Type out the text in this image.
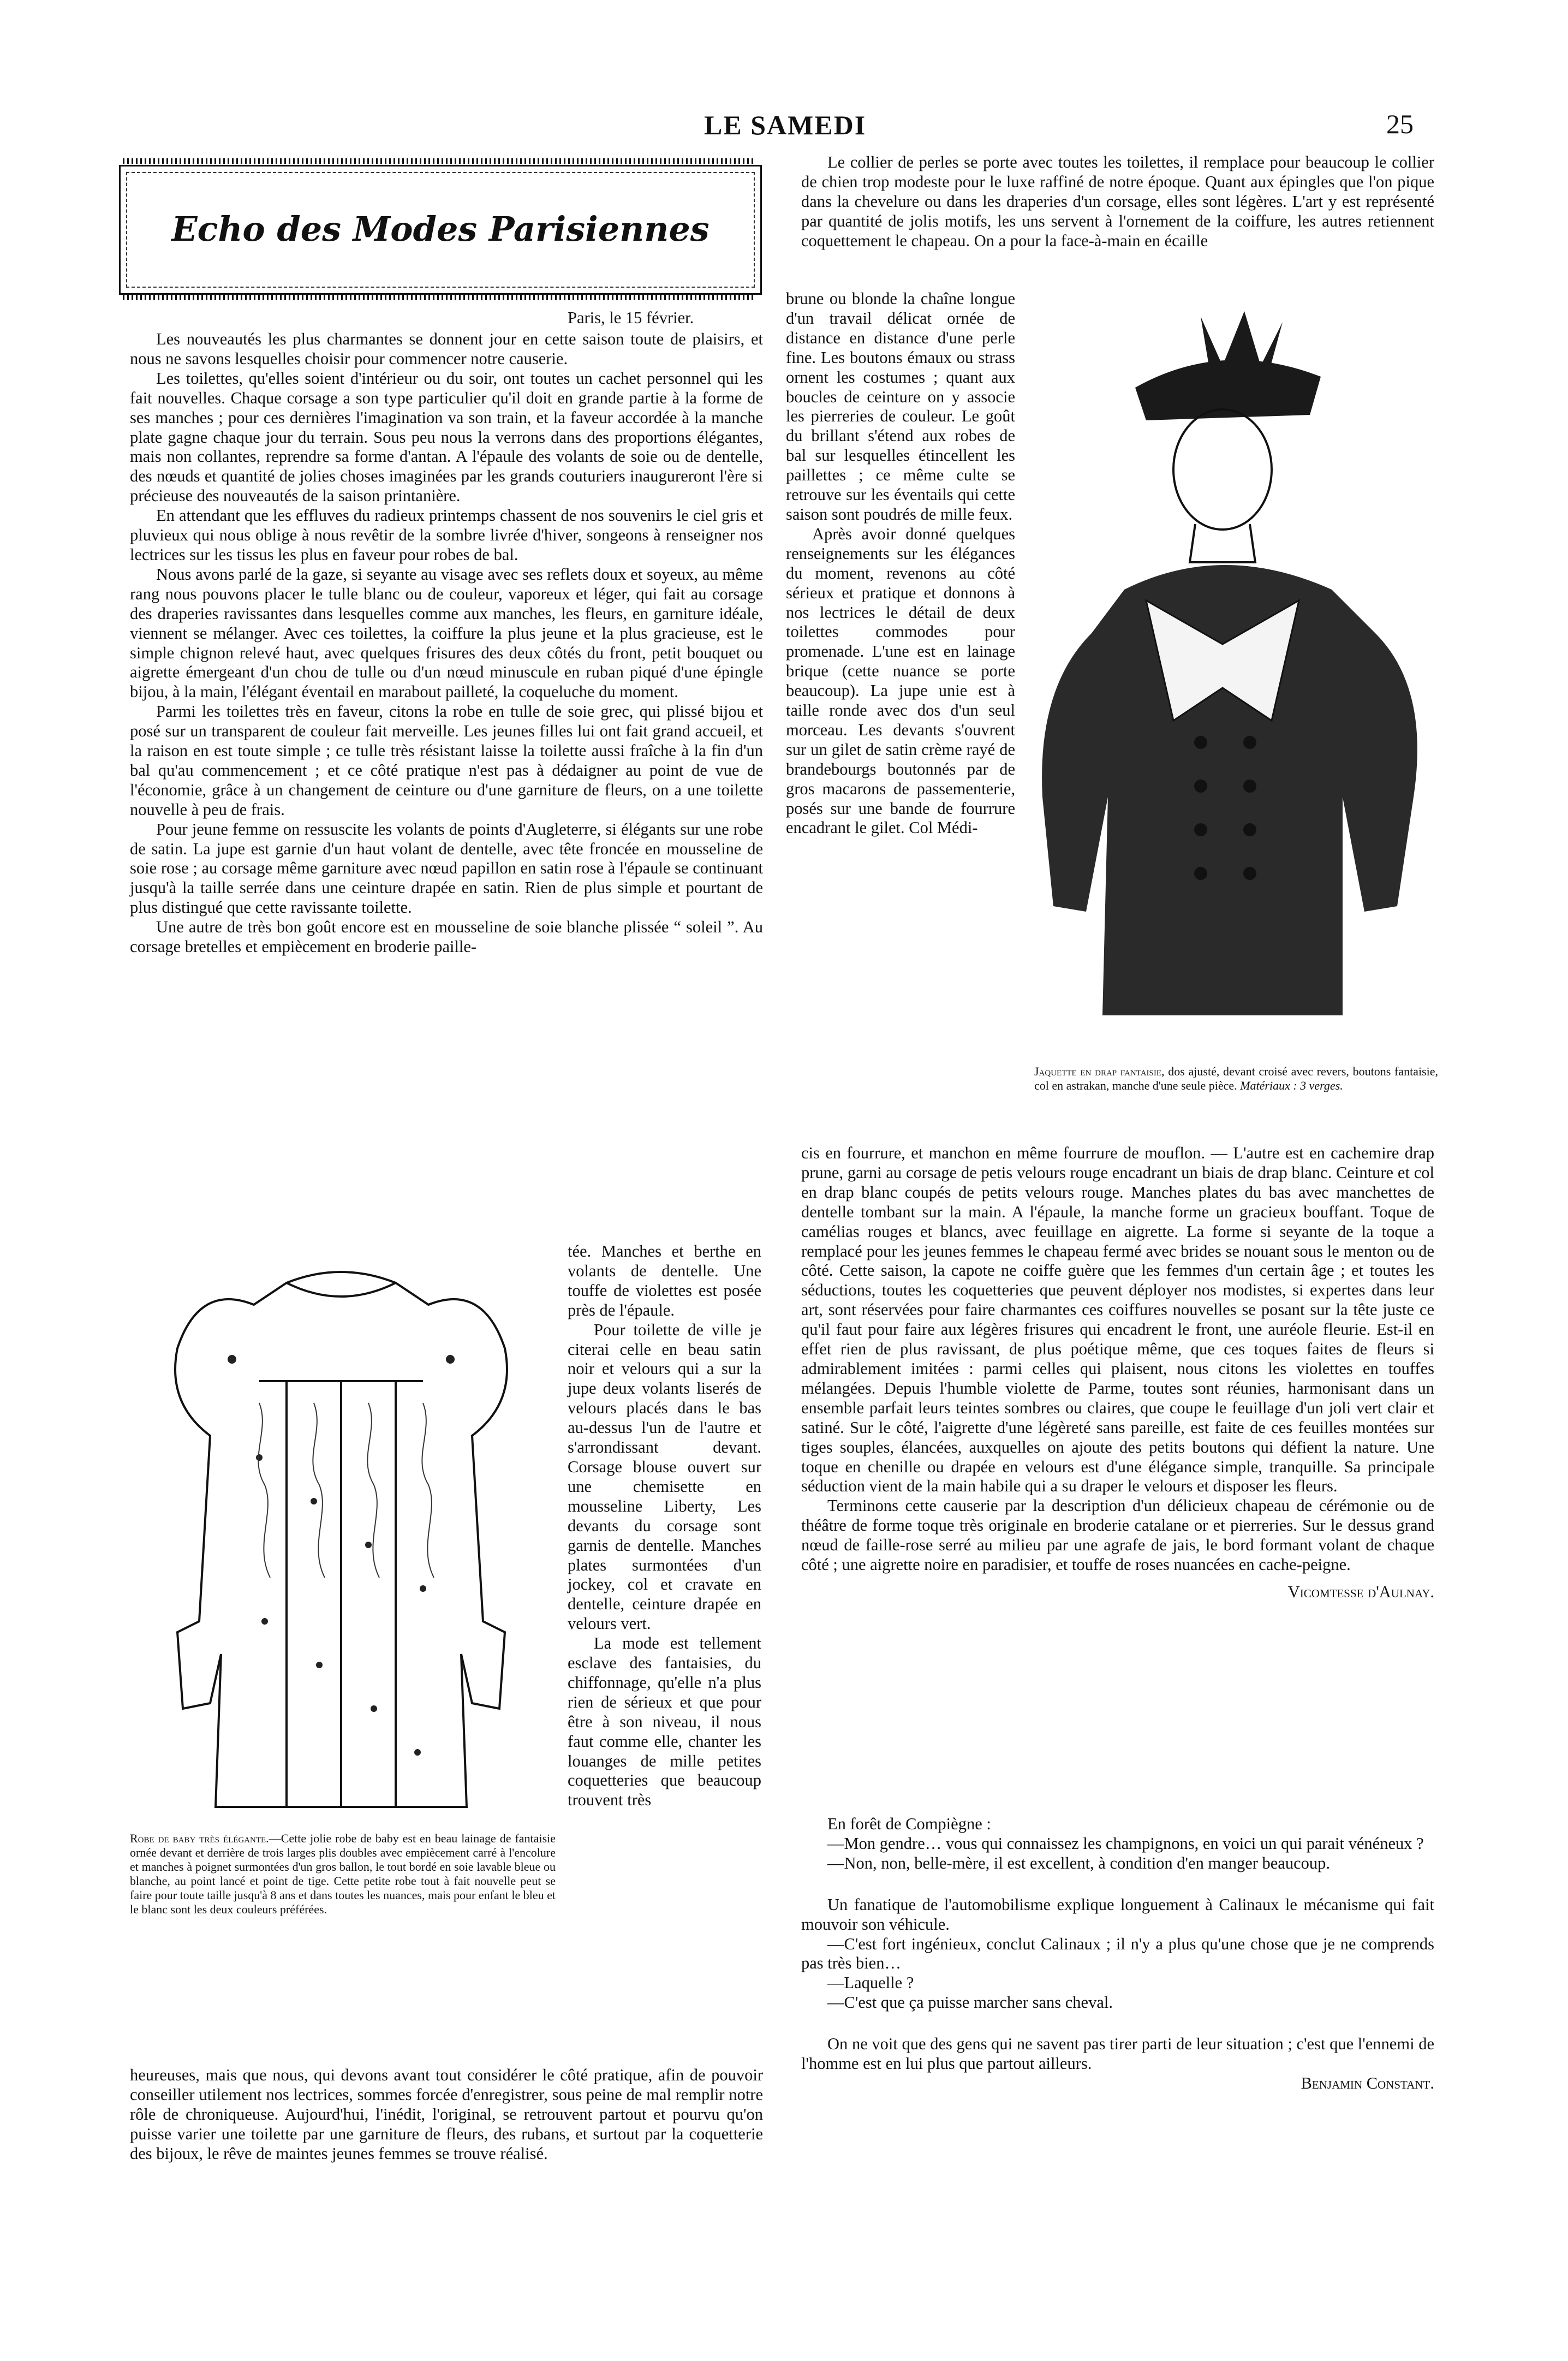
LE SAMEDI	25
Echo des Modes Parisiennes
Paris, le 15 février.

Les nouveautés les plus charmantes se donnent jour en cette saison toute de plaisirs, et nous ne savons lesquelles choisir pour commencer notre causerie.

Les toilettes, qu'elles soient d'intérieur ou du soir, ont toutes un cachet personnel qui les fait nouvelles. Chaque corsage a son type particulier qu'il doit en grande partie à la forme de ses manches ; pour ces dernières l'imagination va son train, et la faveur accordée à la manche plate gagne chaque jour du terrain. Sous peu nous la verrons dans des proportions élégantes, mais non collantes, reprendre sa forme d'antan. A l'épaule des volants de soie ou de dentelle, des nœuds et quantité de jolies choses imaginées par les grands couturiers inaugureront l'ère si précieuse des nouveautés de la saison printanière.

En attendant que les effluves du radieux printemps chassent de nos souvenirs le ciel gris et pluvieux qui nous oblige à nous revêtir de la sombre livrée d'hiver, songeons à renseigner nos lectrices sur les tissus les plus en faveur pour robes de bal.

Nous avons parlé de la gaze, si seyante au visage avec ses reflets doux et soyeux, au même rang nous pouvons placer le tulle blanc ou de couleur, vaporeux et léger, qui fait au corsage des draperies ravissantes dans lesquelles comme aux manches, les fleurs, en garniture idéale, viennent se mélanger. Avec ces toilettes, la coiffure la plus jeune et la plus gracieuse, est le simple chignon relevé haut, avec quelques frisures des deux côtés du front, petit bouquet ou aigrette émergeant d'un chou de tulle ou d'un nœud minuscule en ruban piqué d'une épingle bijou, à la main, l'élégant éventail en marabout pailleté, la coqueluche du moment.

Parmi les toilettes très en faveur, citons la robe en tulle de soie grec, qui plissé bijou et posé sur un transparent de couleur fait merveille. Les jeunes filles lui ont fait grand accueil, et la raison en est toute simple ; ce tulle très résistant laisse la toilette aussi fraîche à la fin d'un bal qu'au commencement ; et ce côté pratique n'est pas à dédaigner au point de vue de l'économie, grâce à un changement de ceinture ou d'une garniture de fleurs, on a une toilette nouvelle à peu de frais.

Pour jeune femme on ressuscite les volants de points d'Augleterre, si élégants sur une robe de satin. La jupe est garnie d'un haut volant de dentelle, avec tête froncée en mousseline de soie rose ; au corsage même garniture avec nœud papillon en satin rose à l'épaule se continuant jusqu'à la taille serrée dans une ceinture drapée en satin. Rien de plus simple et pourtant de plus distingué que cette ravissante toilette.

Une autre de très bon goût encore est en mousseline de soie blanche plissée “ soleil ”. Au corsage bretelles et empiècement en broderie paille-

Robe de baby très élégante.—Cette jolie robe de baby est en beau lainage de fantaisie ornée devant et derrière de trois larges plis doubles avec empiècement carré à l'encolure et manches à poignet surmontées d'un gros ballon, le tout bordé en soie lavable bleue ou blanche, au point lancé et point de tige. Cette petite robe tout à fait nouvelle peut se faire pour toute taille jusqu'à 8 ans et dans toutes les nuances, mais pour enfant le bleu et le blanc sont les deux couleurs préférées.

tée. Manches et berthe en volants de dentelle. Une touffe de violettes est posée près de l'épaule.

Pour toilette de ville je citerai celle en beau satin noir et velours qui a sur la jupe deux volants liserés de velours placés dans le bas au-dessus l'un de l'autre et s'arrondissant devant. Corsage blouse ouvert sur une chemisette en mousseline Liberty, Les devants du corsage sont garnis de dentelle. Manches plates surmontées d'un jockey, col et cravate en dentelle, ceinture drapée en velours vert.

La mode est tellement esclave des fantaisies, du chiffonnage, qu'elle n'a plus rien de sérieux et que pour être à son niveau, il nous faut comme elle, chanter les louanges de mille petites coquetteries que beaucoup trouvent très

heureuses, mais que nous, qui devons avant tout considérer le côté pratique, afin de pouvoir conseiller utilement nos lectrices, sommes forcée d'enregistrer, sous peine de mal remplir notre rôle de chroniqueuse. Aujourd'hui, l'inédit, l'original, se retrouvent partout et pourvu qu'on puisse varier une toilette par une garniture de fleurs, des rubans, et surtout par la coquetterie des bijoux, le rêve de maintes jeunes femmes se trouve réalisé.

Le collier de perles se porte avec toutes les toilettes, il remplace pour beaucoup le collier de chien trop modeste pour le luxe raffiné de notre époque. Quant aux épingles que l'on pique dans la chevelure ou dans les draperies d'un corsage, elles sont légères. L'art y est représenté par quantité de jolis motifs, les uns servent à l'ornement de la coiffure, les autres retiennent coquettement le chapeau. On a pour la face-à-main en écaille

brune ou blonde la chaîne longue d'un travail délicat ornée de distance en distance d'une perle fine. Les boutons émaux ou strass ornent les costumes ; quant aux boucles de ceinture on y associe les pierreries de couleur. Le goût du brillant s'étend aux robes de bal sur lesquelles étincellent les paillettes ; ce même culte se retrouve sur les éventails qui cette saison sont poudrés de mille feux.

Après avoir donné quelques renseignements sur les élégances du moment, revenons au côté sérieux et pratique et donnons à nos lectrices le détail de deux toilettes commodes pour promenade. L'une est en lainage brique (cette nuance se porte beaucoup). La jupe unie est à taille ronde avec dos d'un seul morceau. Les devants s'ouvrent sur un gilet de satin crème rayé de brandebourgs boutonnés par de gros macarons de passementerie, posés sur une bande de fourrure encadrant le gilet. Col Médi-

Jaquette en drap fantaisie, dos ajusté, devant croisé avec revers, boutons fantaisie, col en astrakan, manche d'une seule pièce. Matériaux : 3 verges.

cis en fourrure, et manchon en même fourrure de mouflon. — L'autre est en cachemire drap prune, garni au corsage de petis velours rouge encadrant un biais de drap blanc. Ceinture et col en drap blanc coupés de petits velours rouge. Manches plates du bas avec manchettes de dentelle tombant sur la main. A l'épaule, la manche forme un gracieux bouffant. Toque de camélias rouges et blancs, avec feuillage en aigrette. La forme si seyante de la toque a remplacé pour les jeunes femmes le chapeau fermé avec brides se nouant sous le menton ou de côté. Cette saison, la capote ne coiffe guère que les femmes d'un certain âge ; et toutes les séductions, toutes les coquetteries que peuvent déployer nos modistes, si expertes dans leur art, sont réservées pour faire charmantes ces coiffures nouvelles se posant sur la tête juste ce qu'il faut pour faire aux légères frisures qui encadrent le front, une auréole fleurie. Est-il en effet rien de plus ravissant, de plus poétique même, que ces toques faites de fleurs si admirablement imitées : parmi celles qui plaisent, nous citons les violettes en touffes mélangées. Depuis l'humble violette de Parme, toutes sont réunies, harmonisant dans un ensemble parfait leurs teintes sombres ou claires, que coupe le feuillage d'un joli vert clair et satiné. Sur le côté, l'aigrette d'une légèreté sans pareille, est faite de ces feuilles montées sur tiges souples, élancées, auxquelles on ajoute des petits boutons qui défient la nature. Une toque en chenille ou drapée en velours est d'une élégance simple, tranquille. Sa principale séduction vient de la main habile qui a su draper le velours et disposer les fleurs.

Terminons cette causerie par la description d'un délicieux chapeau de cérémonie ou de théâtre de forme toque très originale en broderie catalane or et pierreries. Sur le dessus grand nœud de faille-rose serré au milieu par une agrafe de jais, le bord formant volant de chaque côté ; une aigrette noire en paradisier, et touffe de roses nuancées en cache-peigne.

Vicomtesse d'Aulnay.

En forêt de Compiègne :

—Mon gendre… vous qui connaissez les champignons, en voici un qui parait vénéneux ?

—Non, non, belle-mère, il est excellent, à condition d'en manger beaucoup.

Un fanatique de l'automobilisme explique longuement à Calinaux le mécanisme qui fait mouvoir son véhicule.

—C'est fort ingénieux, conclut Calinaux ; il n'y a plus qu'une chose que je ne comprends pas très bien…

—Laquelle ?

—C'est que ça puisse marcher sans cheval.

On ne voit que des gens qui ne savent pas tirer parti de leur situation ; c'est que l'ennemi de l'homme est en lui plus que partout ailleurs.

Benjamin Constant.
